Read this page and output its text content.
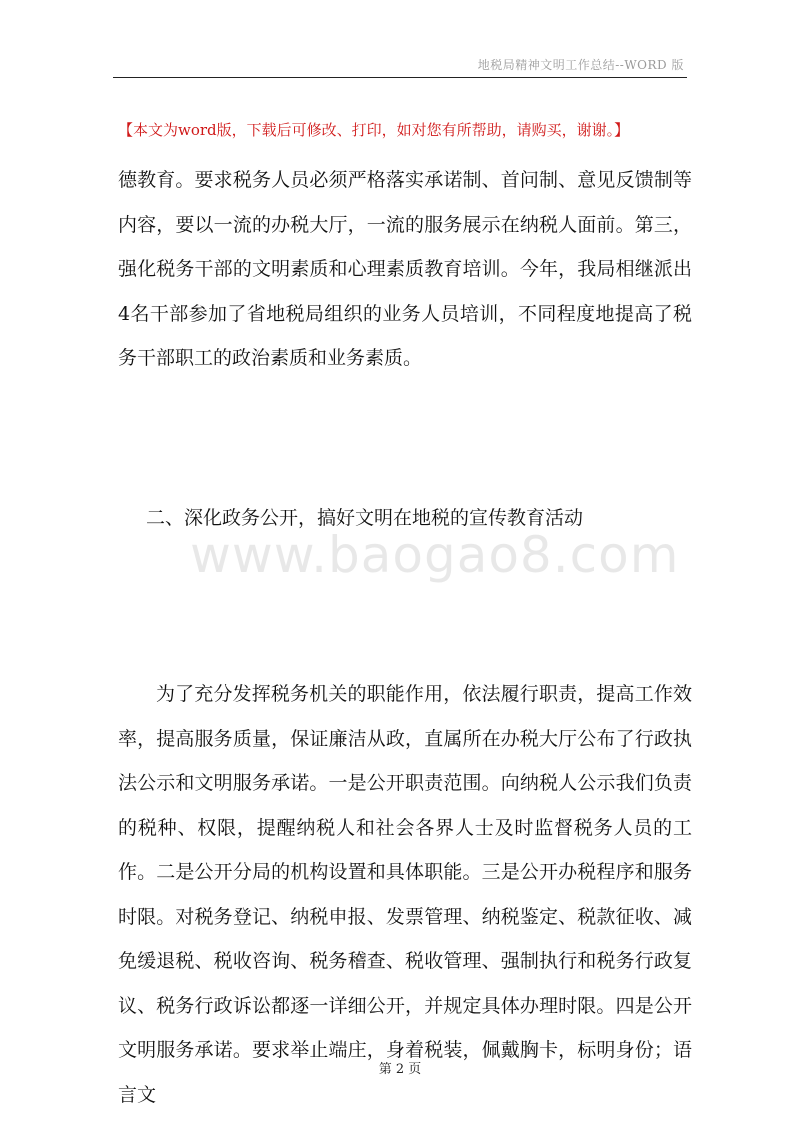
地税局精神文明工作总结--WORD 版
【本文为word版，下载后可修改、打印，如对您有所帮助，请购买，谢谢。】
德教育。要求税务人员必须严格落实承诺制、首问制、意见反馈制等内容，要以一流的办税大厅，一流的服务展示在纳税人面前。第三，强化税务干部的文明素质和心理素质教育培训。今年，我局相继派出4名干部参加了省地税局组织的业务人员培训，不同程度地提高了税务干部职工的政治素质和业务素质。
二、深化政务公开，搞好文明在地税的宣传教育活动
www.baogao8.com
为了充分发挥税务机关的职能作用，依法履行职责，提高工作效率，提高服务质量，保证廉洁从政，直属所在办税大厅公布了行政执法公示和文明服务承诺。一是公开职责范围。向纳税人公示我们负责的税种、权限，提醒纳税人和社会各界人士及时监督税务人员的工作。二是公开分局的机构设置和具体职能。三是公开办税程序和服务时限。对税务登记、纳税申报、发票管理、纳税鉴定、税款征收、减免缓退税、税收咨询、税务稽查、税收管理、强制执行和税务行政复议、税务行政诉讼都逐一详细公开，并规定具体办理时限。四是公开文明服务承诺。要求举止端庄，身着税装，佩戴胸卡，标明身份；语言文
第 2 页
